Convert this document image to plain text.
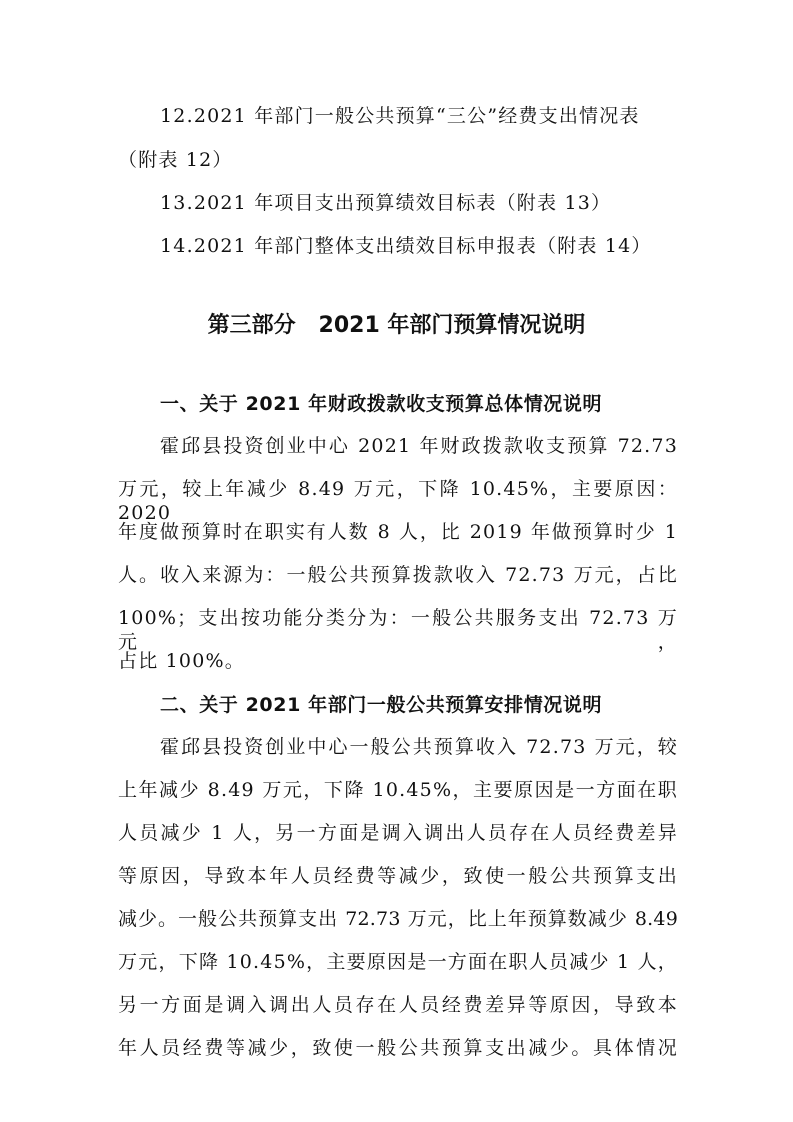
12.2021 年部门一般公共预算“三公”经费支出情况表
（附表 12）
13.2021 年项目支出预算绩效目标表（附表 13）
14.2021 年部门整体支出绩效目标申报表（附表 14）
第三部分   2021 年部门预算情况说明
一、关于 2021 年财政拨款收支预算总体情况说明
霍邱县投资创业中心 2021 年财政拨款收支预算 72.73
万元，较上年减少 8.49 万元，下降 10.45%，主要原因：2020
年度做预算时在职实有人数 8 人，比 2019 年做预算时少 1
人。收入来源为：一般公共预算拨款收入 72.73 万元，占比
100%；支出按功能分类分为：一般公共服务支出 72.73 万元，
占比 100%。
二、关于 2021 年部门一般公共预算安排情况说明
霍邱县投资创业中心一般公共预算收入 72.73 万元，较
上年减少 8.49 万元，下降 10.45%，主要原因是一方面在职
人员减少 1 人，另一方面是调入调出人员存在人员经费差异
等原因，导致本年人员经费等减少，致使一般公共预算支出
减少。一般公共预算支出 72.73 万元，比上年预算数减少 8.49
万元，下降 10.45%，主要原因是一方面在职人员减少 1 人，
另一方面是调入调出人员存在人员经费差异等原因，导致本
年人员经费等减少，致使一般公共预算支出减少。具体情况
